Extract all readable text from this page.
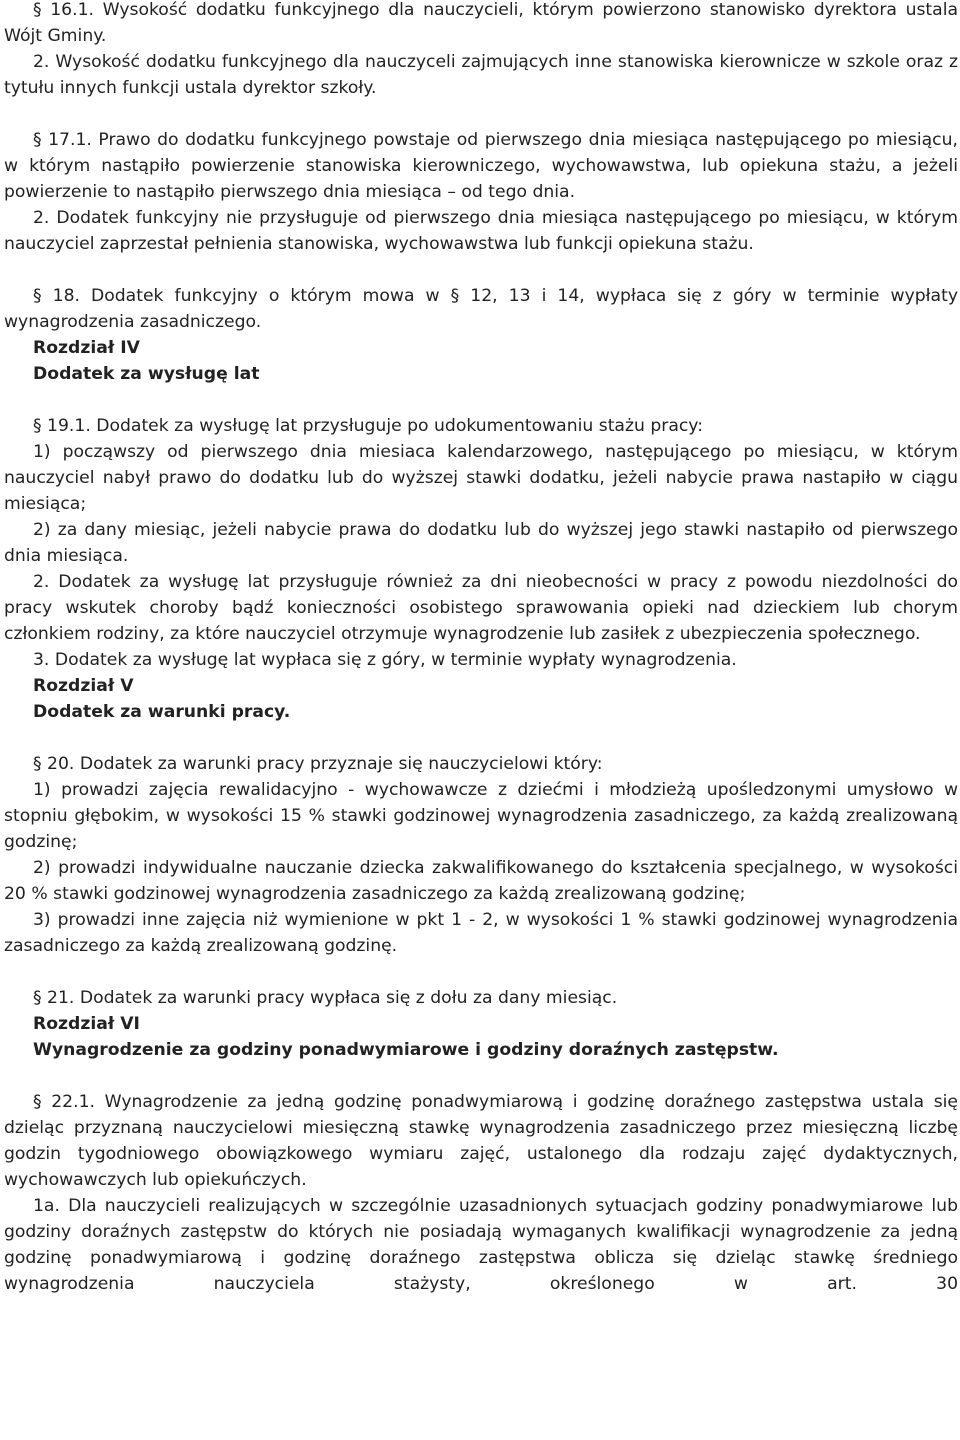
§ 16.1. Wysokość dodatku funkcyjnego dla nauczycieli, którym powierzono stanowisko dyrektora ustala Wójt Gminy.

2. Wysokość dodatku funkcyjnego dla nauczyceli zajmujących inne stanowiska kierownicze w szkole oraz z tytułu innych funkcji ustala dyrektor szkoły.

§ 17.1. Prawo do dodatku funkcyjnego powstaje od pierwszego dnia miesiąca następującego po miesiącu, w którym nastąpiło powierzenie stanowiska kierowniczego, wychowawstwa, lub opiekuna stażu, a jeżeli powierzenie to nastąpiło pierwszego dnia miesiąca – od tego dnia.

2. Dodatek funkcyjny nie przysługuje od pierwszego dnia miesiąca następującego po miesiącu, w którym nauczyciel zaprzestał pełnienia stanowiska, wychowawstwa lub funkcji opiekuna stażu.

§ 18. Dodatek funkcyjny o którym mowa w § 12, 13 i 14, wypłaca się z góry w terminie wypłaty wynagrodzenia zasadniczego.

Rozdział IV

Dodatek za wysługę lat

§ 19.1. Dodatek za wysługę lat przysługuje po udokumentowaniu stażu pracy:

1) począwszy od pierwszego dnia miesiaca kalendarzowego, następującego po miesiącu, w którym nauczyciel nabył prawo do dodatku lub do wyższej stawki dodatku, jeżeli nabycie prawa nastapiło w ciągu miesiąca;

2) za dany miesiąc, jeżeli nabycie prawa do dodatku lub do wyższej jego stawki nastapiło od pierwszego dnia miesiąca.

2. Dodatek za wysługę lat przysługuje również za dni nieobecności w pracy z powodu niezdolności do pracy wskutek choroby bądź konieczności osobistego sprawowania opieki nad dzieckiem lub chorym członkiem rodziny, za które nauczyciel otrzymuje wynagrodzenie lub zasiłek z ubezpieczenia społecznego.

3. Dodatek za wysługę lat wypłaca się z góry, w terminie wypłaty wynagrodzenia.

Rozdział V

Dodatek za warunki pracy.

§ 20. Dodatek za warunki pracy przyznaje się nauczycielowi który:

1) prowadzi zajęcia rewalidacyjno - wychowawcze z dziećmi i młodzieżą upośledzonymi umysłowo w stopniu głębokim, w wysokości 15 % stawki godzinowej wynagrodzenia zasadniczego, za każdą zrealizowaną godzinę;

2) prowadzi indywidualne nauczanie dziecka zakwalifikowanego do kształcenia specjalnego, w wysokości 20 % stawki godzinowej wynagrodzenia zasadniczego za każdą zrealizowaną godzinę;

3) prowadzi inne zajęcia niż wymienione w pkt 1 - 2, w wysokości 1 % stawki godzinowej wynagrodzenia zasadniczego za każdą zrealizowaną godzinę.

§ 21. Dodatek za warunki pracy wypłaca się z dołu za dany miesiąc.

Rozdział VI

Wynagrodzenie za godziny ponadwymiarowe i godziny doraźnych zastępstw.

§ 22.1. Wynagrodzenie za jedną godzinę ponadwymiarową i godzinę doraźnego zastępstwa ustala się dzieląc przyznaną nauczycielowi miesięczną stawkę wynagrodzenia zasadniczego przez miesięczną liczbę godzin tygodniowego obowiązkowego wymiaru zajęć, ustalonego dla rodzaju zajęć dydaktycznych, wychowawczych lub opiekuńczych.

1a. Dla nauczycieli realizujących w szczególnie uzasadnionych sytuacjach godziny ponadwymiarowe lub godziny doraźnych zastępstw do których nie posiadają wymaganych kwalifikacji wynagrodzenie za jedną godzinę ponadwymiarową i godzinę doraźnego zastępstwa oblicza się dzieląc stawkę średniego wynagrodzenia nauczyciela stażysty, określonego w art. 30
